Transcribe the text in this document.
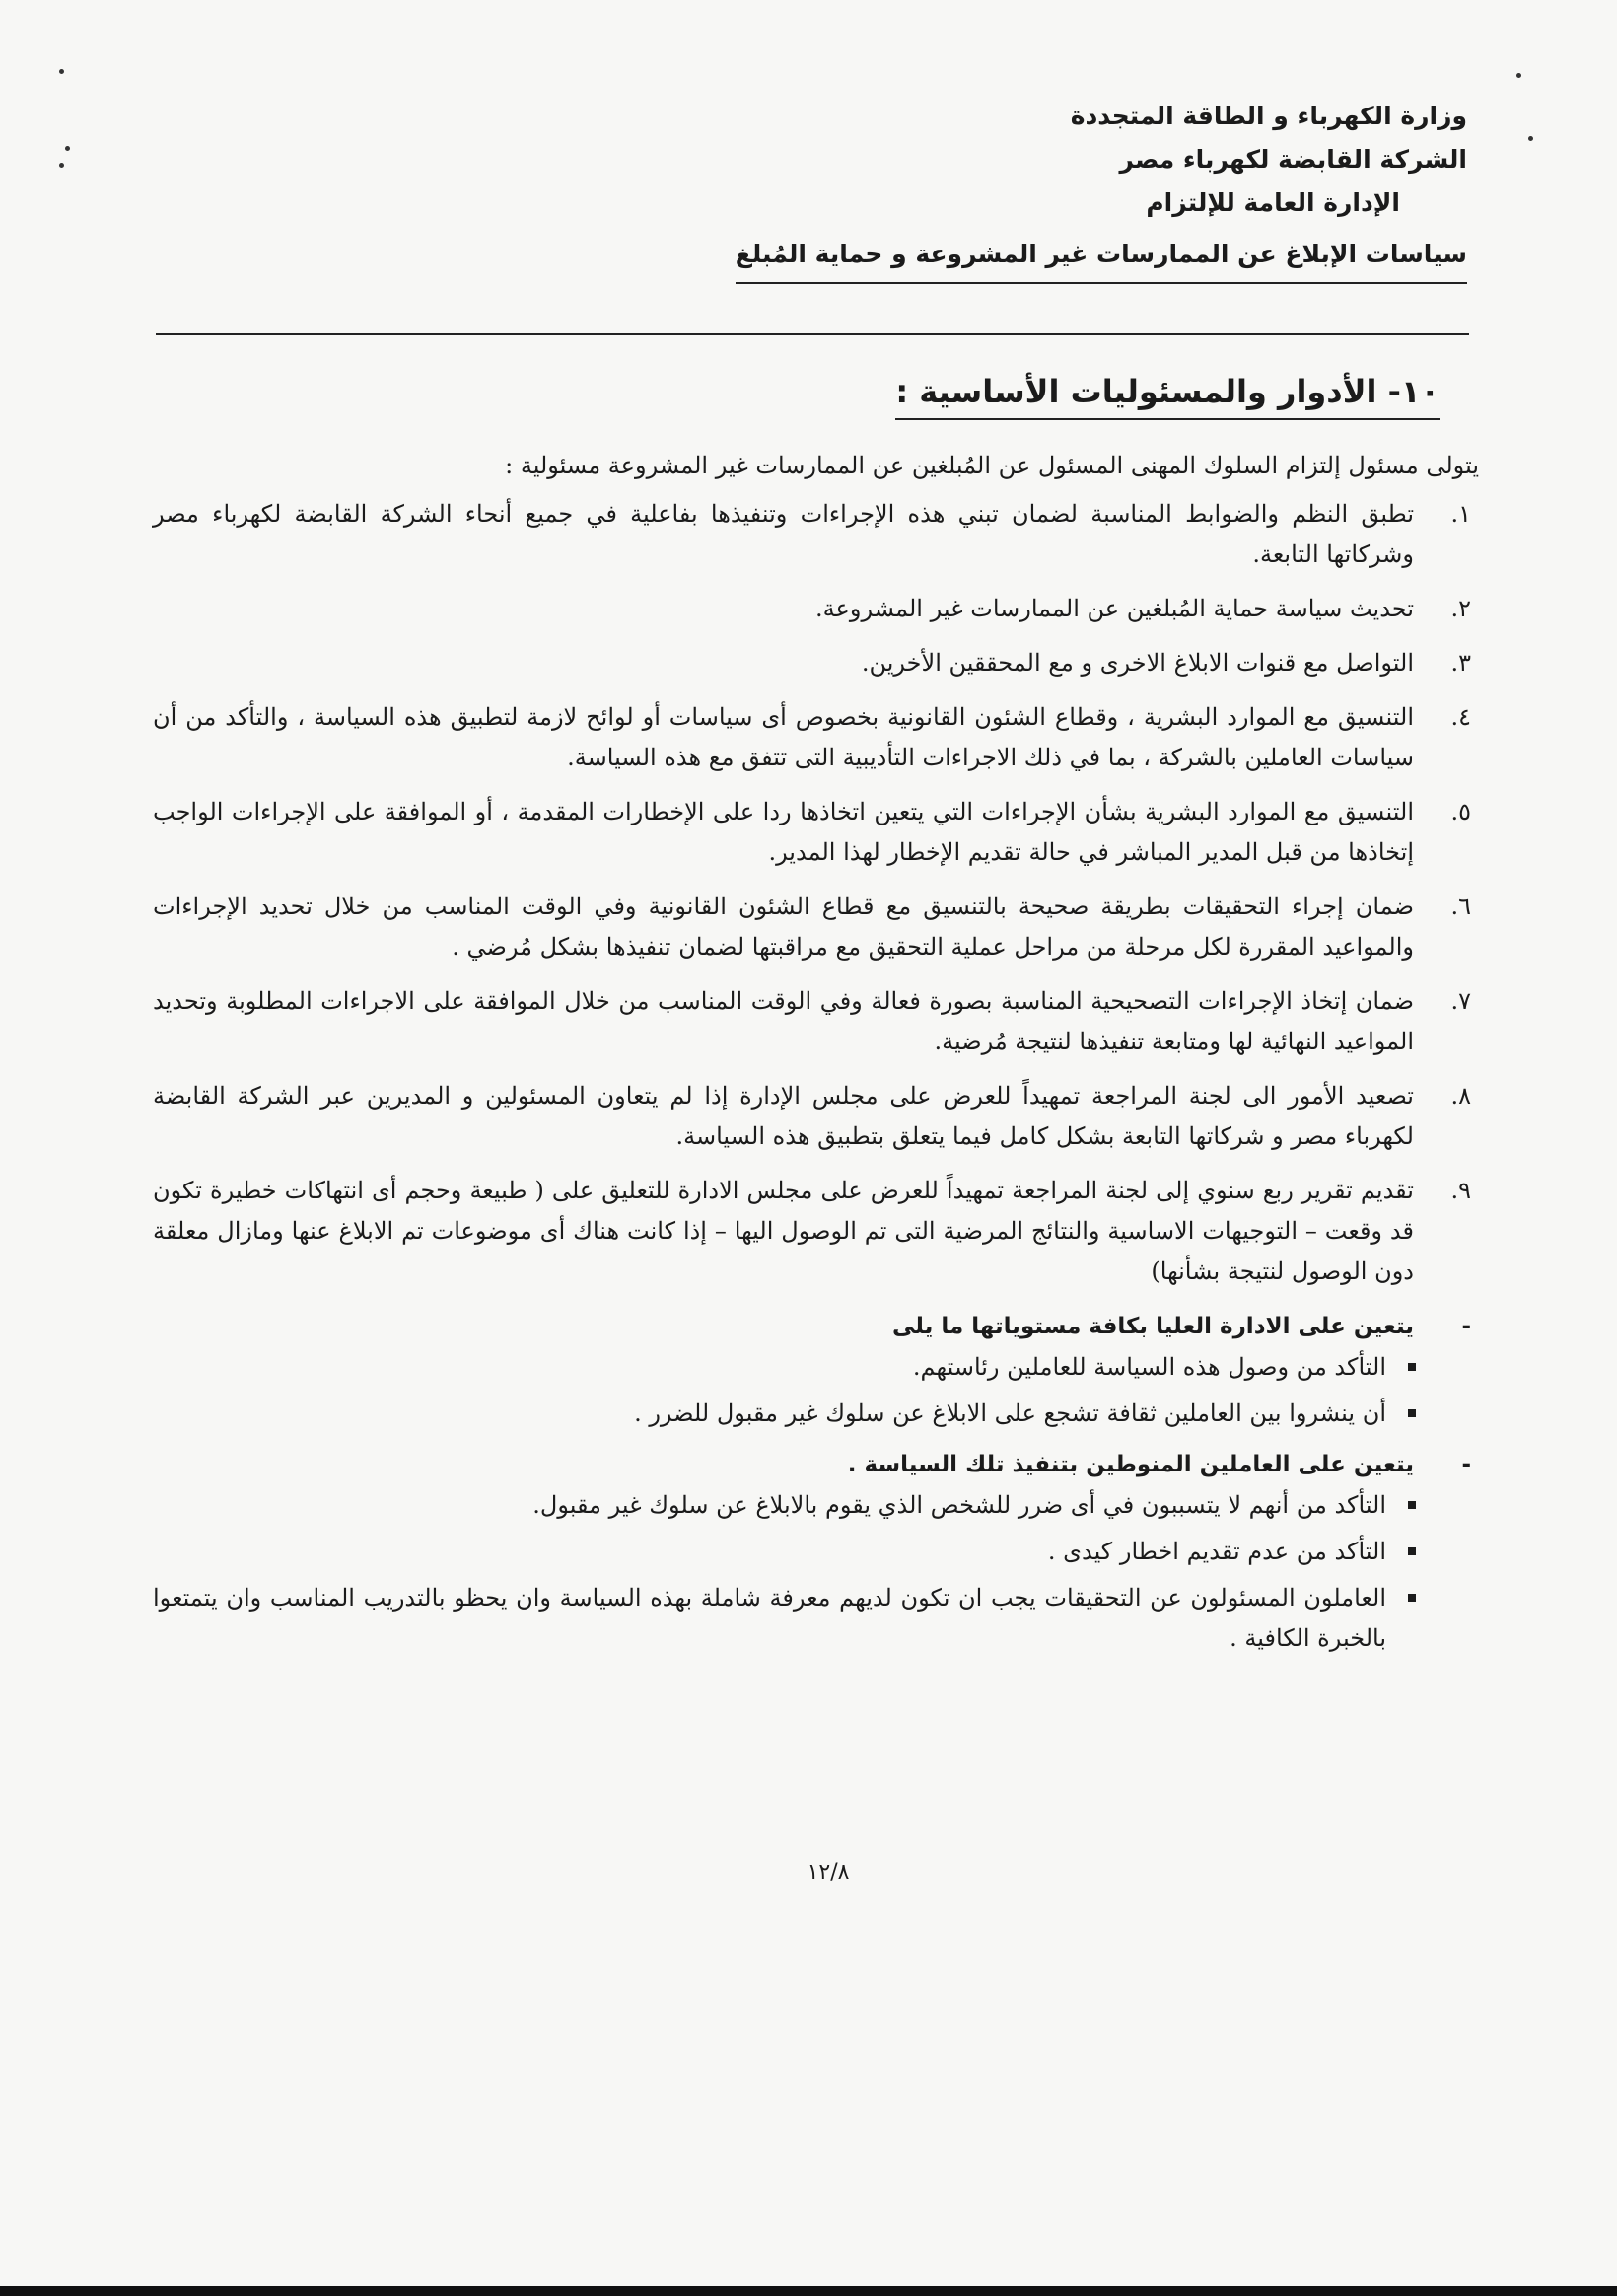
وزارة الكهرباء و الطاقة المتجددة
الشركة القابضة لكهرباء مصر
الإدارة العامة للإلتزام
سياسات الإبلاغ عن الممارسات غير المشروعة و حماية المُبلغ
١٠- الأدوار والمسئوليات الأساسية :
يتولى مسئول إلتزام السلوك المهنى المسئول عن المُبلغين عن الممارسات غير المشروعة مسئولية :
١.
تطبق النظم والضوابط المناسبة لضمان تبني هذه الإجراءات وتنفيذها بفاعلية في جميع أنحاء الشركة القابضة لكهرباء مصر وشركاتها التابعة.
٢.
تحديث سياسة حماية المُبلغين عن الممارسات غير المشروعة.
٣.
التواصل مع قنوات الابلاغ الاخرى و مع المحققين الأخرين.
٤.
التنسيق مع الموارد البشرية ، وقطاع الشئون القانونية بخصوص أى سياسات أو لوائح لازمة لتطبيق هذه السياسة ، والتأكد من أن سياسات العاملين بالشركة ، بما في ذلك الاجراءات التأديبية التى تتفق مع هذه السياسة.
٥.
التنسيق مع الموارد البشرية بشأن الإجراءات التي يتعين اتخاذها ردا على الإخطارات المقدمة ، أو الموافقة على الإجراءات الواجب إتخاذها من قبل المدير المباشر في حالة تقديم الإخطار لهذا المدير.
٦.
ضمان إجراء التحقيقات بطريقة صحيحة بالتنسيق مع قطاع الشئون القانونية وفي الوقت المناسب من خلال تحديد الإجراءات والمواعيد المقررة لكل مرحلة من مراحل عملية التحقيق مع مراقبتها لضمان تنفيذها بشكل مُرضي .
٧.
ضمان إتخاذ الإجراءات التصحيحية المناسبة بصورة فعالة وفي الوقت المناسب من خلال الموافقة على الاجراءات المطلوبة وتحديد المواعيد النهائية لها ومتابعة تنفيذها لنتيجة مُرضية.
٨.
تصعيد الأمور الى لجنة المراجعة تمهيداً للعرض على مجلس الإدارة إذا لم يتعاون المسئولين و المديرين عبر الشركة القابضة لكهرباء مصر و شركاتها التابعة بشكل كامل فيما يتعلق بتطبيق هذه السياسة.
٩.
تقديم تقرير ربع سنوي إلى لجنة المراجعة تمهيداً للعرض على مجلس الادارة للتعليق على ( طبيعة وحجم أى انتهاكات خطيرة تكون قد وقعت – التوجيهات الاساسية والنتائج المرضية التى تم الوصول اليها – إذا كانت هناك أى موضوعات تم الابلاغ عنها ومازال معلقة دون الوصول لنتيجة بشأنها)
-
يتعين على الادارة العليا بكافة مستوياتها ما يلى
التأكد من وصول هذه السياسة للعاملين رئاستهم.
أن ينشروا بين العاملين ثقافة تشجع على الابلاغ عن سلوك غير مقبول للضرر .
-
يتعين على العاملين المنوطين بتنفيذ تلك السياسة .
التأكد من أنهم لا يتسببون في أى ضرر للشخص الذي يقوم بالابلاغ عن سلوك غير مقبول.
التأكد من عدم تقديم اخطار كيدى .
العاملون المسئولون عن التحقيقات يجب ان تكون لديهم معرفة شاملة بهذه السياسة وان يحظو بالتدريب المناسب وان يتمتعوا بالخبرة الكافية .
١٢/٨
